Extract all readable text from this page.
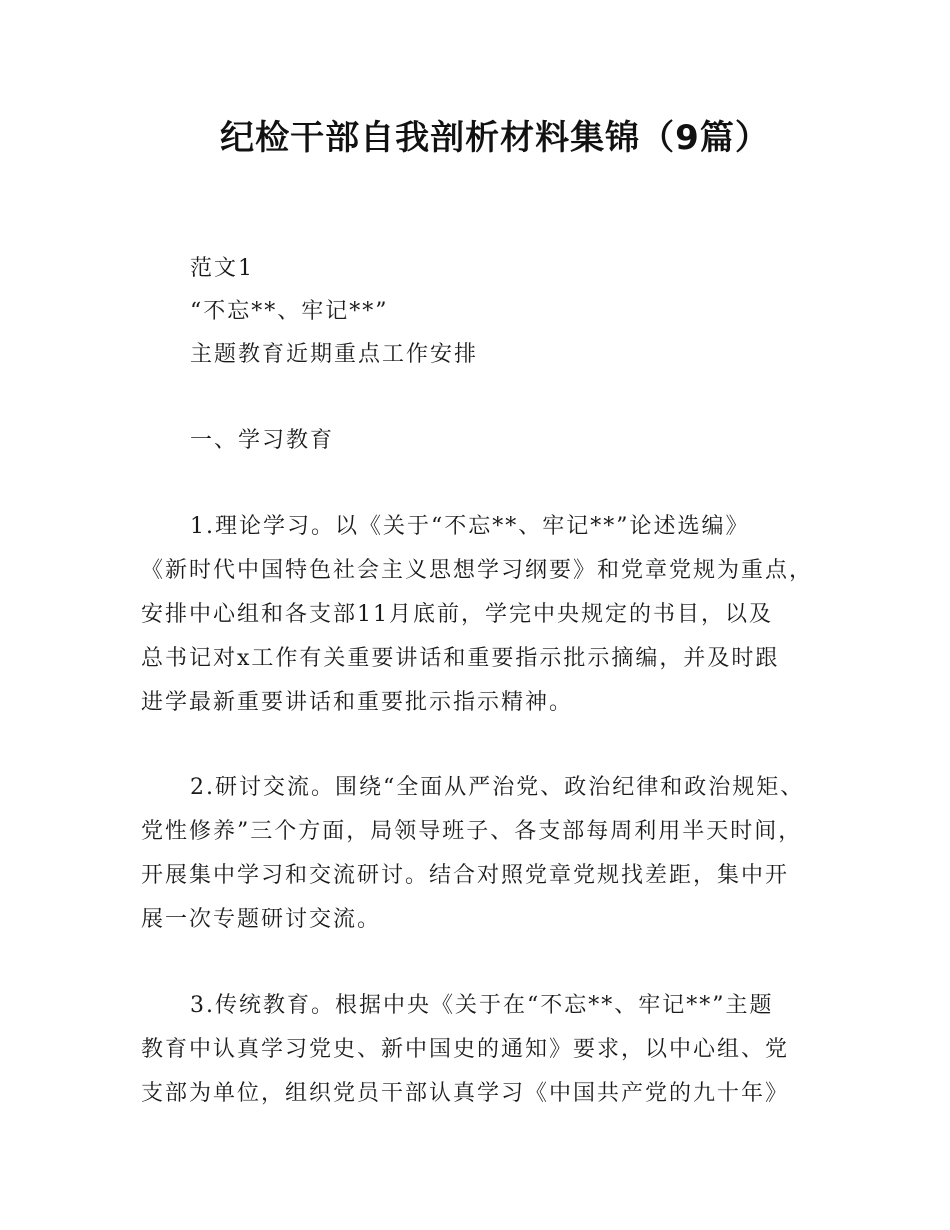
纪检干部自我剖析材料集锦（9篇）
范文1
“不忘**、牢记**”
主题教育近期重点工作安排
一、学习教育
1.理论学习。以《关于“不忘**、牢记**”论述选编》
《新时代中国特色社会主义思想学习纲要》和党章党规为重点，
安排中心组和各支部11月底前，学完中央规定的书目，以及
总书记对x工作有关重要讲话和重要指示批示摘编，并及时跟
进学最新重要讲话和重要批示指示精神。
2.研讨交流。围绕“全面从严治党、政治纪律和政治规矩、
党性修养”三个方面，局领导班子、各支部每周利用半天时间，
开展集中学习和交流研讨。结合对照党章党规找差距，集中开
展一次专题研讨交流。
3.传统教育。根据中央《关于在“不忘**、牢记**”主题
教育中认真学习党史、新中国史的通知》要求，以中心组、党
支部为单位，组织党员干部认真学习《中国共产党的九十年》
